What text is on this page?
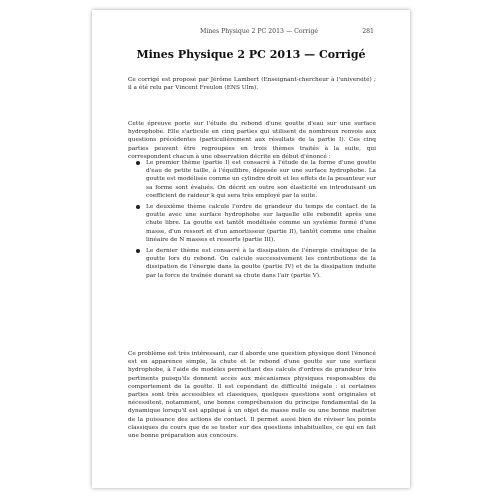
Mines Physique 2 PC 2013 — Corrigé	281
Mines Physique 2 PC 2013 — Corrigé
Ce corrigé est proposé par Jérôme Lambert (Enseignant-chercheur à l'université) ; il a été relu par Vincent Freulon (ENS Ulm).
Cette épreuve porte sur l'étude du rebond d'une goutte d'eau sur une surface hydrophobe. Elle s'articule en cinq parties qui utilisent de nombreux renvois aux questions précédentes (particulièrement aux résultats de la partie I). Ces cinq parties peuvent être regroupées en trois thèmes traités à la suite, qui correspondent chacun à une observation décrite en début d'énoncé :
Le premier thème (partie I) est consacré à l'étude de la forme d'une goutte d'eau de petite taille, à l'équilibre, déposée sur une surface hydrophobe. La goutte est modélisée comme un cylindre droit et les effets de la pesanteur sur sa forme sont évalués. On décrit en outre son élasticité en introduisant un coefficient de raideur k qui sera très employé par la suite.
Le deuxième thème calcule l'ordre de grandeur du temps de contact de la goutte avec une surface hydrophobe sur laquelle elle rebondit après une chute libre. La goutte est tantôt modélisée comme un système formé d'une masse, d'un ressort et d'un amortisseur (partie II), tantôt comme une chaîne linéaire de N masses et ressorts (partie III).
Le dernier thème est consacré à la dissipation de l'énergie cinétique de la goutte lors du rebond. On calcule successivement les contributions de la dissipation de l'énergie dans la goutte (partie IV) et de la dissipation induite par la force de traînée durant sa chute dans l'air (partie V).
Ce problème est très intéressant, car il aborde une question physique dont l'énoncé est en apparence simple, la chute et le rebond d'une goutte sur une surface hydrophobe, à l'aide de modèles permettant des calculs d'ordres de grandeur très pertinents puisqu'ils donnent accès aux mécanismes physiques responsables du comportement de la goutte. Il est cependant de difficulté inégale : si certaines parties sont très accessibles et classiques, quelques questions sont originales et nécessitent, notamment, une bonne compréhension du principe fondamental de la dynamique lorsqu'il est appliqué à un objet de masse nulle ou une bonne maîtrise de la puissance des actions de contact. Il permet aussi bien de réviser les points classiques du cours que de se tester sur des questions inhabituelles, ce qui en fait une bonne préparation aux concours.
